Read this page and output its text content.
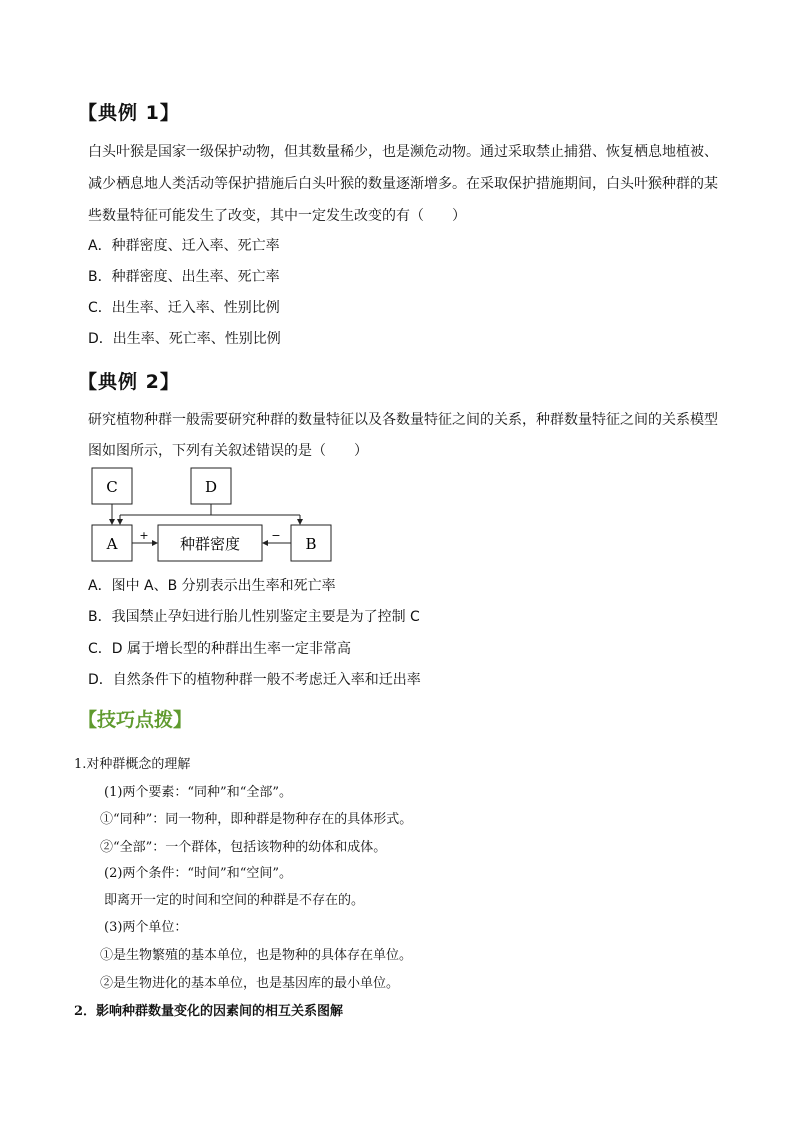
【典例 1】
白头叶猴是国家一级保护动物，但其数量稀少，也是濒危动物。通过采取禁止捕猎、恢复栖息地植被、
减少栖息地人类活动等保护措施后白头叶猴的数量逐渐增多。在采取保护措施期间，白头叶猴种群的某
些数量特征可能发生了改变，其中一定发生改变的有（　　）
A．种群密度、迁入率、死亡率
B．种群密度、出生率、死亡率
C．出生率、迁入率、性别比例
D．出生率、死亡率、性别比例
【典例 2】
研究植物种群一般需要研究种群的数量特征以及各数量特征之间的关系，种群数量特征之间的关系模型
图如图所示，下列有关叙述错误的是（　　）
C	D
A	B
种群密度
+	−
A．图中 A、B 分别表示出生率和死亡率
B．我国禁止孕妇进行胎儿性别鉴定主要是为了控制 C
C．D 属于增长型的种群出生率一定非常高
D．自然条件下的植物种群一般不考虑迁入率和迁出率
【技巧点拨】
1.对种群概念的理解
(1)两个要素：“同种”和“全部”。
①“同种”：同一物种，即种群是物种存在的具体形式。
②“全部”：一个群体，包括该物种的幼体和成体。
(2)两个条件：“时间”和“空间”。
即离开一定的时间和空间的种群是不存在的。
(3)两个单位：
①是生物繁殖的基本单位，也是物种的具体存在单位。
②是生物进化的基本单位，也是基因库的最小单位。
2．影响种群数量变化的因素间的相互关系图解
